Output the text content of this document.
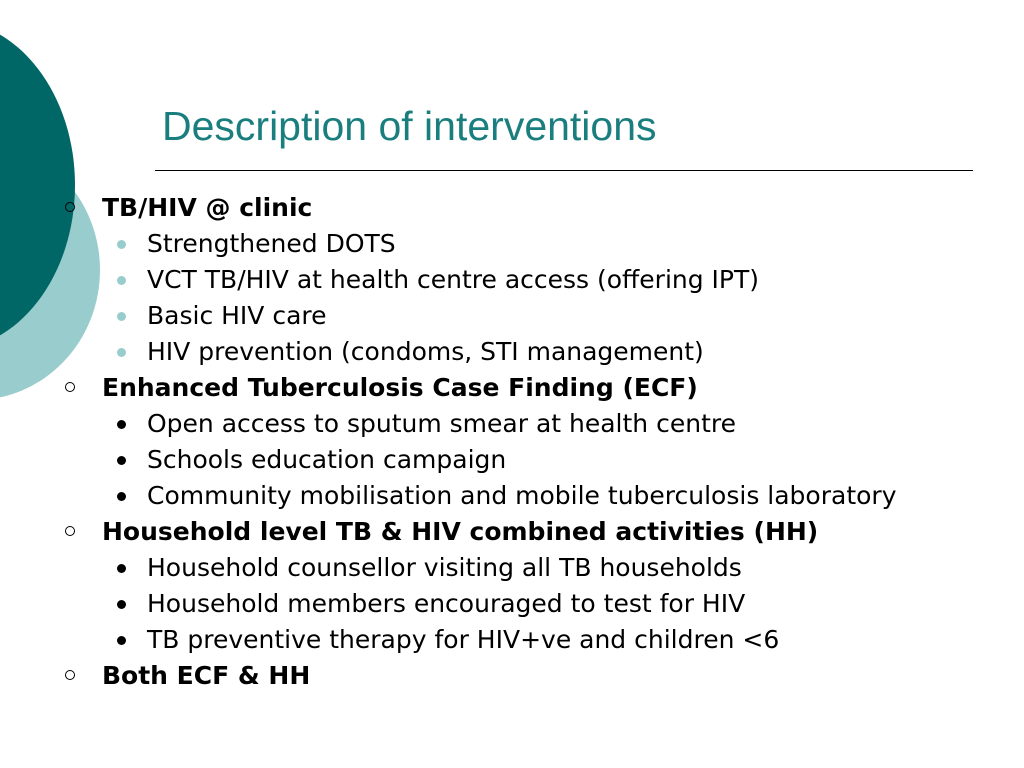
Description of interventions
TB/HIV @ clinic
Strengthened DOTS
VCT TB/HIV at health centre access (offering IPT)
Basic HIV care
HIV prevention (condoms, STI management)
Enhanced Tuberculosis Case Finding (ECF)
Open access to sputum smear at health centre
Schools education campaign
Community mobilisation and mobile tuberculosis laboratory
Household level TB & HIV combined activities (HH)
Household counsellor visiting all TB households
Household members encouraged to test for HIV
TB preventive therapy for HIV+ve and children <6
Both ECF & HH
